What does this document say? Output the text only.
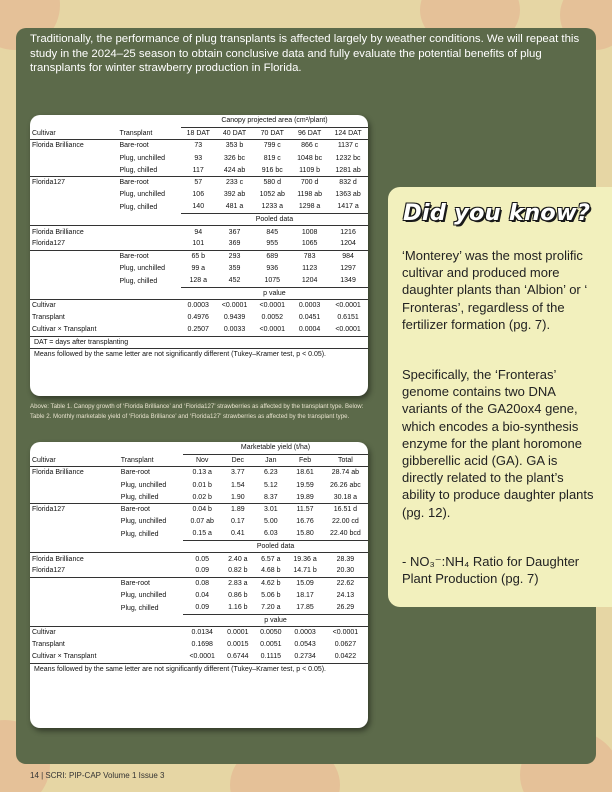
Traditionally, the performance of plug transplants is affected largely by weather conditions. We will repeat this study in the 2024–25 season to obtain conclusive data and fully evaluate the potential benefits of plug transplants for winter strawberry production in Florida.

		Canopy projected area (cm²/plant)				
Cultivar	Transplant	18 DAT	40 DAT	70 DAT	96 DAT	124 DAT
Florida Brilliance	Bare-root	73	353 b	799 c	866 c	1137 c
	Plug, unchilled	93	326 bc	819 c	1048 bc	1232 bc
	Plug, chilled	117	424 ab	916 bc	1109 b	1281 ab
Florida127	Bare-root	57	233 c	580 d	700 d	832 d
	Plug, unchilled	106	392 ab	1052 ab	1198 ab	1363 ab
	Plug, chilled	140	481 a	1233 a	1298 a	1417 a
		Pooled data				
Florida Brilliance		94	367	845	1008	1216
Florida127		101	369	955	1065	1204
	Bare-root	65 b	293	689	783	984
	Plug, unchilled	99 a	359	936	1123	1297
	Plug, chilled	128 a	452	1075	1204	1349
		p value				
Cultivar		0.0003	<0.0001	<0.0001	0.0003	<0.0001
Transplant		0.4976	0.9439	0.0052	0.0451	0.6151
Cultivar × Transplant		0.2507	0.0033	<0.0001	0.0004	<0.0001
DAT = days after transplanting						
Means followed by the same letter are not significantly different (Tukey–Kramer test, p < 0.05).						

Above: Table 1. Canopy growth of ‘Florida Brilliance’ and ‘Florida127’ strawberries as affected by the transplant type. Below: Table 2. Monthly marketable yield of ‘Florida Brilliance’ and ‘Florida127’ strawberries as affected by the transplant type.

		Marketable yield (t/ha)				
Cultivar	Transplant	Nov	Dec	Jan	Feb	Total
Florida Brilliance	Bare-root	0.13 a	3.77	6.23	18.61	28.74 ab
	Plug, unchilled	0.01 b	1.54	5.12	19.59	26.26 abc
	Plug, chilled	0.02 b	1.90	8.37	19.89	30.18 a
Florida127	Bare-root	0.04 b	1.89	3.01	11.57	16.51 d
	Plug, unchilled	0.07 ab	0.17	5.00	16.76	22.00 cd
	Plug, chilled	0.15 a	0.41	6.03	15.80	22.40 bcd
		Pooled data				
Florida Brilliance		0.05	2.40 a	6.57 a	19.36 a	28.39
Florida127		0.09	0.82 b	4.68 b	14.71 b	20.30
	Bare-root	0.08	2.83 a	4.62 b	15.09	22.62
	Plug, unchilled	0.04	0.86 b	5.06 b	18.17	24.13
	Plug, chilled	0.09	1.16 b	7.20 a	17.85	26.29
		p value				
Cultivar		0.0134	0.0001	0.0050	0.0003	<0.0001
Transplant		0.1698	0.0015	0.0051	0.0543	0.0627
Cultivar × Transplant		<0.0001	0.6744	0.1115	0.2734	0.0422
Means followed by the same letter are not significantly different (Tukey–Kramer test, p < 0.05).						
Did you know?

‘Monterey’ was the most prolific cultivar and produced more daughter plants than ‘Albion’ or ‘ Fronteras’, regardless of the fertilizer formation (pg. 7).

Specifically, the ‘Fronteras’ genome contains two DNA variants of the GA20ox4 gene, which encodes a bio-synthesis enzyme for the plant horomone gibberellic acid (GA). GA is directly related to the plant’s ability to produce daughter plants (pg. 12).

- NO₃⁻:NH₄ Ratio for Daughter Plant Production (pg. 7)

14 | SCRI: PIP-CAP Volume 1 Issue 3
